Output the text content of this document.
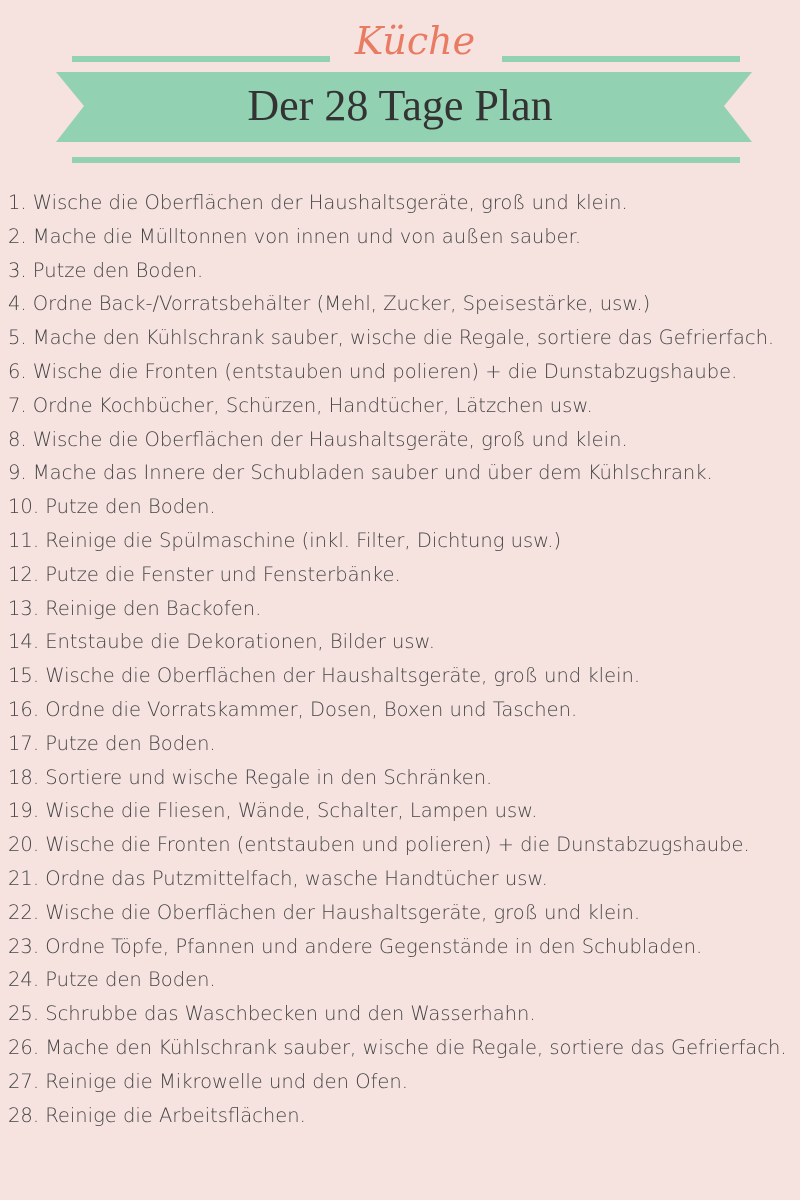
Küche
Der 28 Tage Plan
1. Wische die Oberflächen der Haushaltsgeräte, groß und klein.
2. Mache die Mülltonnen von innen und von außen sauber.
3. Putze den Boden.
4. Ordne Back-/Vorratsbehälter (Mehl, Zucker, Speisestärke, usw.)
5. Mache den Kühlschrank sauber, wische die Regale, sortiere das Gefrierfach.
6. Wische die Fronten (entstauben und polieren) + die Dunstabzugshaube.
7. Ordne Kochbücher, Schürzen, Handtücher, Lätzchen usw.
8. Wische die Oberflächen der Haushaltsgeräte, groß und klein.
9. Mache das Innere der Schubladen sauber und über dem Kühlschrank.
10. Putze den Boden.
11. Reinige die Spülmaschine (inkl. Filter, Dichtung usw.)
12. Putze die Fenster und Fensterbänke.
13. Reinige den Backofen.
14. Entstaube die Dekorationen, Bilder usw.
15. Wische die Oberflächen der Haushaltsgeräte, groß und klein.
16. Ordne die Vorratskammer, Dosen, Boxen und Taschen.
17. Putze den Boden.
18. Sortiere und wische Regale in den Schränken.
19. Wische die Fliesen, Wände, Schalter, Lampen usw.
20. Wische die Fronten (entstauben und polieren) + die Dunstabzugshaube.
21. Ordne das Putzmittelfach, wasche Handtücher usw.
22. Wische die Oberflächen der Haushaltsgeräte, groß und klein.
23. Ordne Töpfe, Pfannen und andere Gegenstände in den Schubladen.
24. Putze den Boden.
25. Schrubbe das Waschbecken und den Wasserhahn.
26. Mache den Kühlschrank sauber, wische die Regale, sortiere das Gefrierfach.
27. Reinige die Mikrowelle und den Ofen.
28. Reinige die Arbeitsflächen.
